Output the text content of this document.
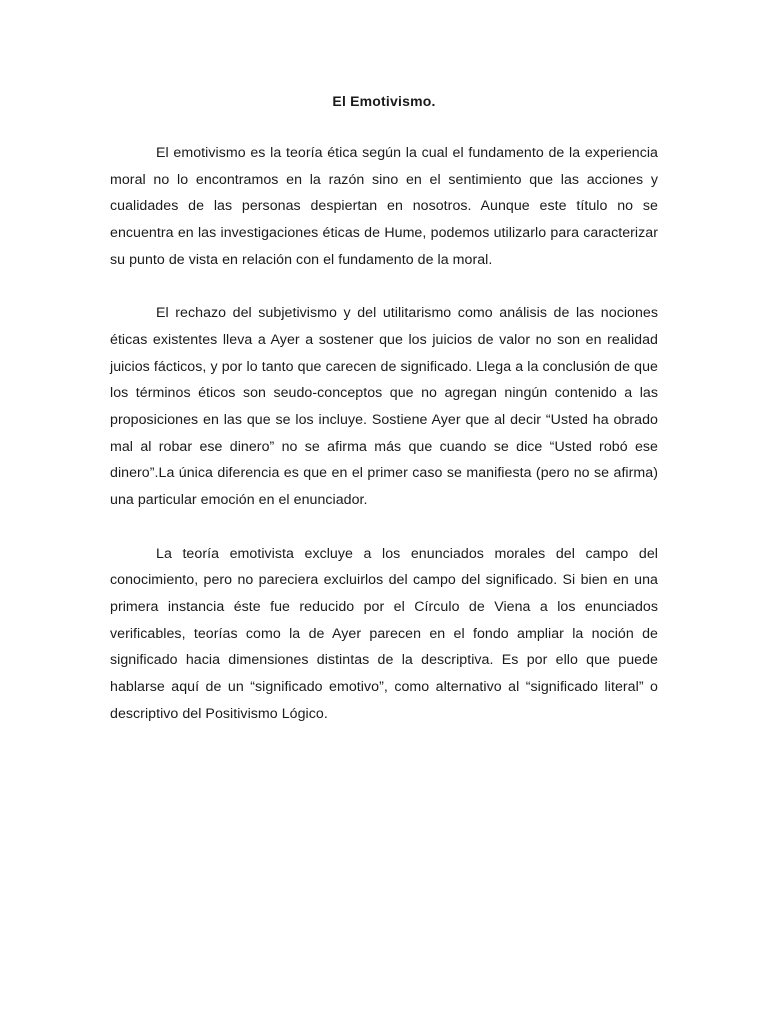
El Emotivismo.

El emotivismo es la teoría ética según la cual el fundamento de la experiencia moral no lo encontramos en la razón sino en el sentimiento que las acciones y cualidades de las personas despiertan en nosotros. Aunque este título no se encuentra en las investigaciones éticas de Hume, podemos utilizarlo para caracterizar su punto de vista en relación con el fundamento de la moral.

El rechazo del subjetivismo y del utilitarismo como análisis de las nociones éticas existentes lleva a Ayer a sostener que los juicios de valor no son en realidad juicios fácticos, y por lo tanto que carecen de significado. Llega a la conclusión de que los términos éticos son seudo-conceptos que no agregan ningún contenido a las proposiciones en las que se los incluye. Sostiene Ayer que al decir “Usted ha obrado mal al robar ese dinero” no se afirma más que cuando se dice “Usted robó ese dinero”.La única diferencia es que en el primer caso se manifiesta (pero no se afirma) una particular emoción en el enunciador.

La teoría emotivista excluye a los enunciados morales del campo del conocimiento, pero no pareciera excluirlos del campo del significado. Si bien en una primera instancia éste fue reducido por el Círculo de Viena a los enunciados verificables, teorías como la de Ayer parecen en el fondo ampliar la noción de significado hacia dimensiones distintas de la descriptiva. Es por ello que puede hablarse aquí de un “significado emotivo”, como alternativo al “significado literal” o descriptivo del Positivismo Lógico.
